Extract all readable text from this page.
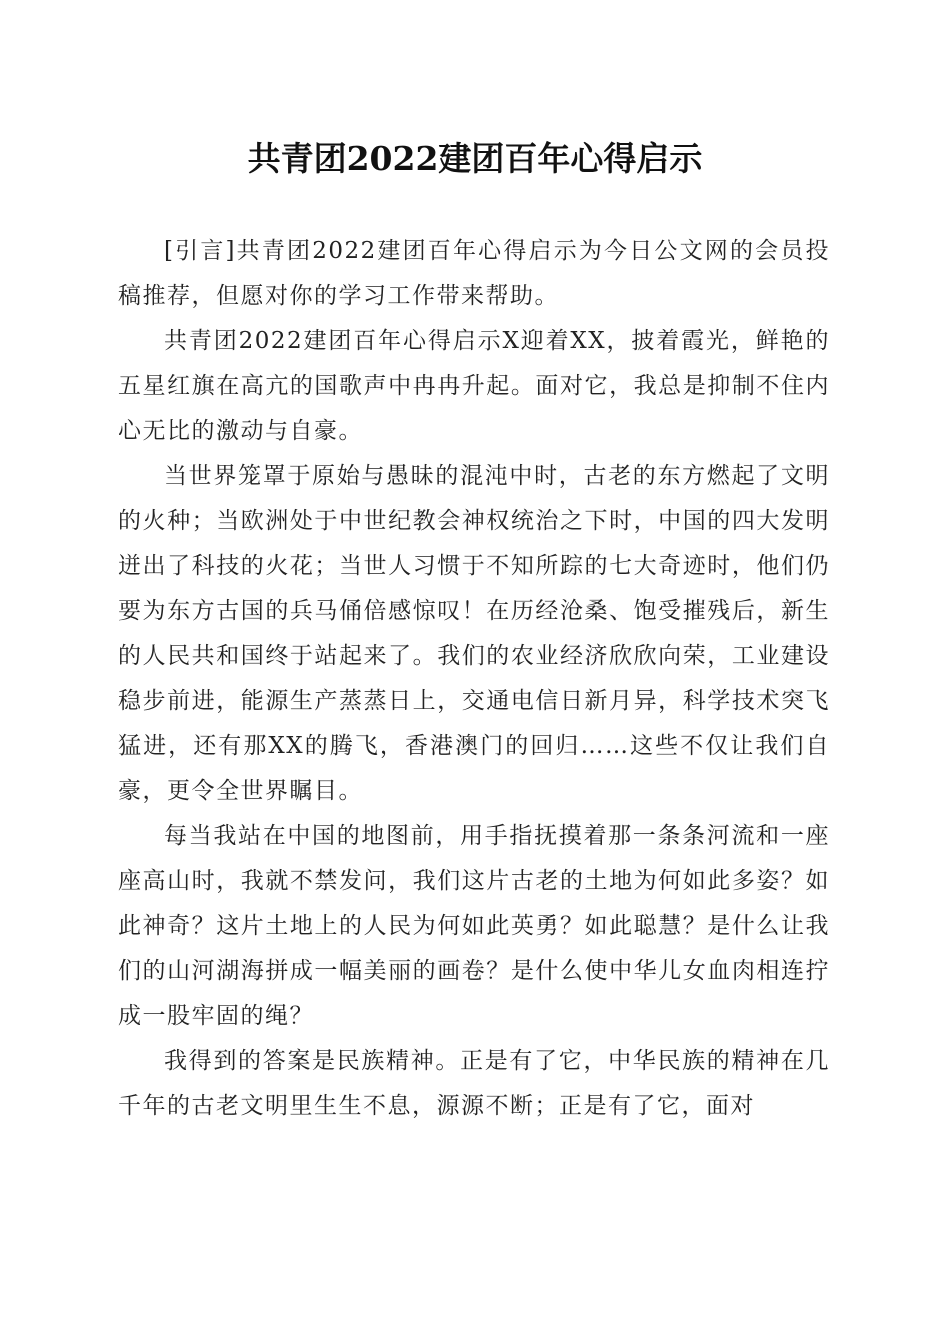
共青团2022建团百年心得启示

[引言]共青团2022建团百年心得启示为今日公文网的会员投稿推荐，但愿对你的学习工作带来帮助。

共青团2022建团百年心得启示X迎着XX，披着霞光，鲜艳的五星红旗在高亢的国歌声中冉冉升起。面对它，我总是抑制不住内心无比的激动与自豪。

当世界笼罩于原始与愚昧的混沌中时，古老的东方燃起了文明的火种；当欧洲处于中世纪教会神权统治之下时，中国的四大发明迸出了科技的火花；当世人习惯于不知所踪的七大奇迹时，他们仍要为东方古国的兵马俑倍感惊叹！在历经沧桑、饱受摧残后，新生的人民共和国终于站起来了。我们的农业经济欣欣向荣，工业建设稳步前进，能源生产蒸蒸日上，交通电信日新月异，科学技术突飞猛进，还有那XX的腾飞，香港澳门的回归……这些不仅让我们自豪，更令全世界瞩目。

每当我站在中国的地图前，用手指抚摸着那一条条河流和一座座高山时，我就不禁发问，我们这片古老的土地为何如此多姿？如此神奇？这片土地上的人民为何如此英勇？如此聪慧？是什么让我们的山河湖海拼成一幅美丽的画卷？是什么使中华儿女血肉相连拧成一股牢固的绳？

我得到的答案是民族精神。正是有了它，中华民族的精神在几千年的古老文明里生生不息，源源不断；正是有了它，面对
